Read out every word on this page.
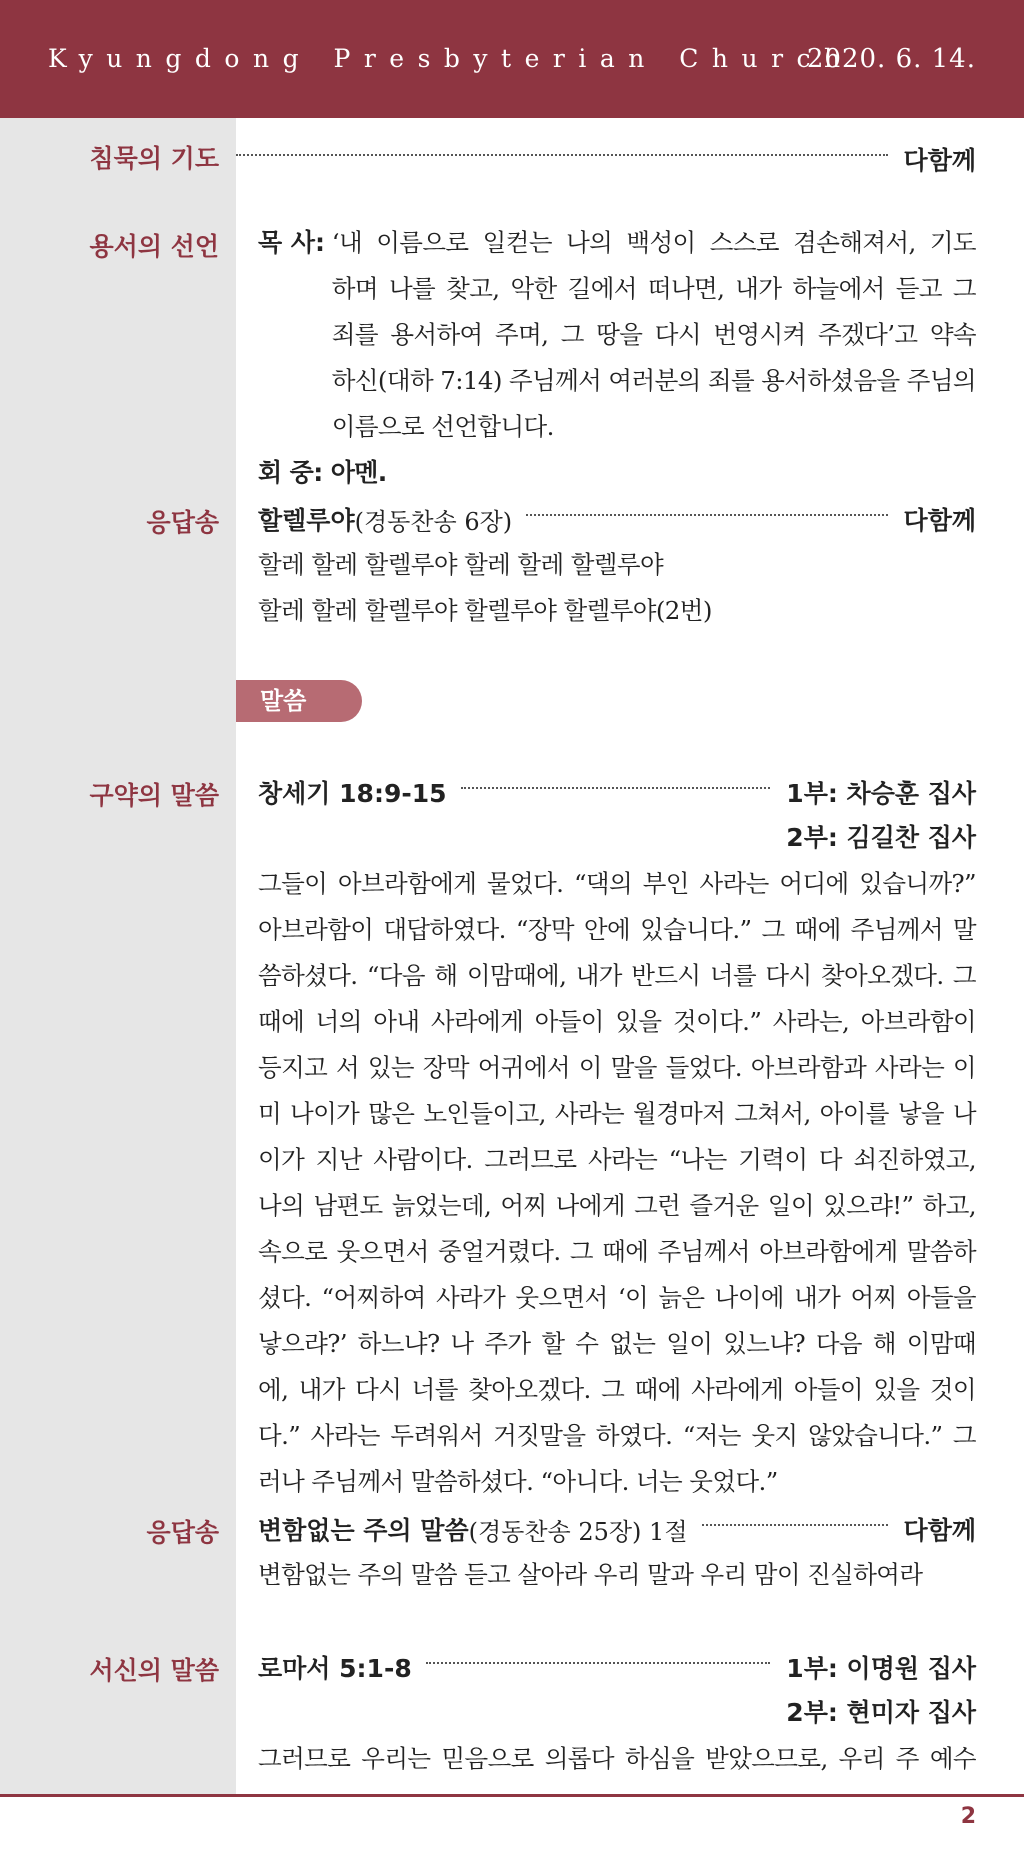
Kyungdong Presbyterian Church
2020. 6. 14.
침묵의 기도	다함께
용서의 선언 목 사: ‘내 이름으로 일컫는 나의 백성이 스스로 겸손해져서, 기도
하며 나를 찾고, 악한 길에서 떠나면, 내가 하늘에서 듣고 그
죄를 용서하여 주며, 그 땅을 다시 번영시켜 주겠다’고 약속
하신(대하 7:14) 주님께서 여러분의 죄를 용서하셨음을 주님의
이름으로 선언합니다.
회 중: 아멘.
응답송 할렐루야 (경동찬송 6장)	다함께
할레 할레 할렐루야 할레 할레 할렐루야
할레 할레 할렐루야 할렐루야 할렐루야(2번)
말씀
구약의 말씀 창세기 18:9-15	1부: 차승훈 집사
2부: 김길찬 집사
그들이 아브라함에게 물었다. “댁의 부인 사라는 어디에 있습니까?”
아브라함이 대답하였다. “장막 안에 있습니다.” 그 때에 주님께서 말
씀하셨다. “다음 해 이맘때에, 내가 반드시 너를 다시 찾아오겠다. 그
때에 너의 아내 사라에게 아들이 있을 것이다.” 사라는, 아브라함이
등지고 서 있는 장막 어귀에서 이 말을 들었다. 아브라함과 사라는 이
미 나이가 많은 노인들이고, 사라는 월경마저 그쳐서, 아이를 낳을 나
이가 지난 사람이다. 그러므로 사라는 “나는 기력이 다 쇠진하였고,
나의 남편도 늙었는데, 어찌 나에게 그런 즐거운 일이 있으랴!” 하고,
속으로 웃으면서 중얼거렸다. 그 때에 주님께서 아브라함에게 말씀하
셨다. “어찌하여 사라가 웃으면서 ‘이 늙은 나이에 내가 어찌 아들을
낳으랴?’ 하느냐? 나 주가 할 수 없는 일이 있느냐? 다음 해 이맘때
에, 내가 다시 너를 찾아오겠다. 그 때에 사라에게 아들이 있을 것이
다.” 사라는 두려워서 거짓말을 하였다. “저는 웃지 않았습니다.” 그
러나 주님께서 말씀하셨다. “아니다. 너는 웃었다.”
응답송 변함없는 주의 말씀 (경동찬송 25장) 1절	다함께
변함없는 주의 말씀 듣고 살아라 우리 말과 우리 맘이 진실하여라
서신의 말씀 로마서 5:1-8	1부: 이명원 집사
2부: 현미자 집사
그러므로 우리는 믿음으로 의롭다 하심을 받았으므로, 우리 주 예수
2
